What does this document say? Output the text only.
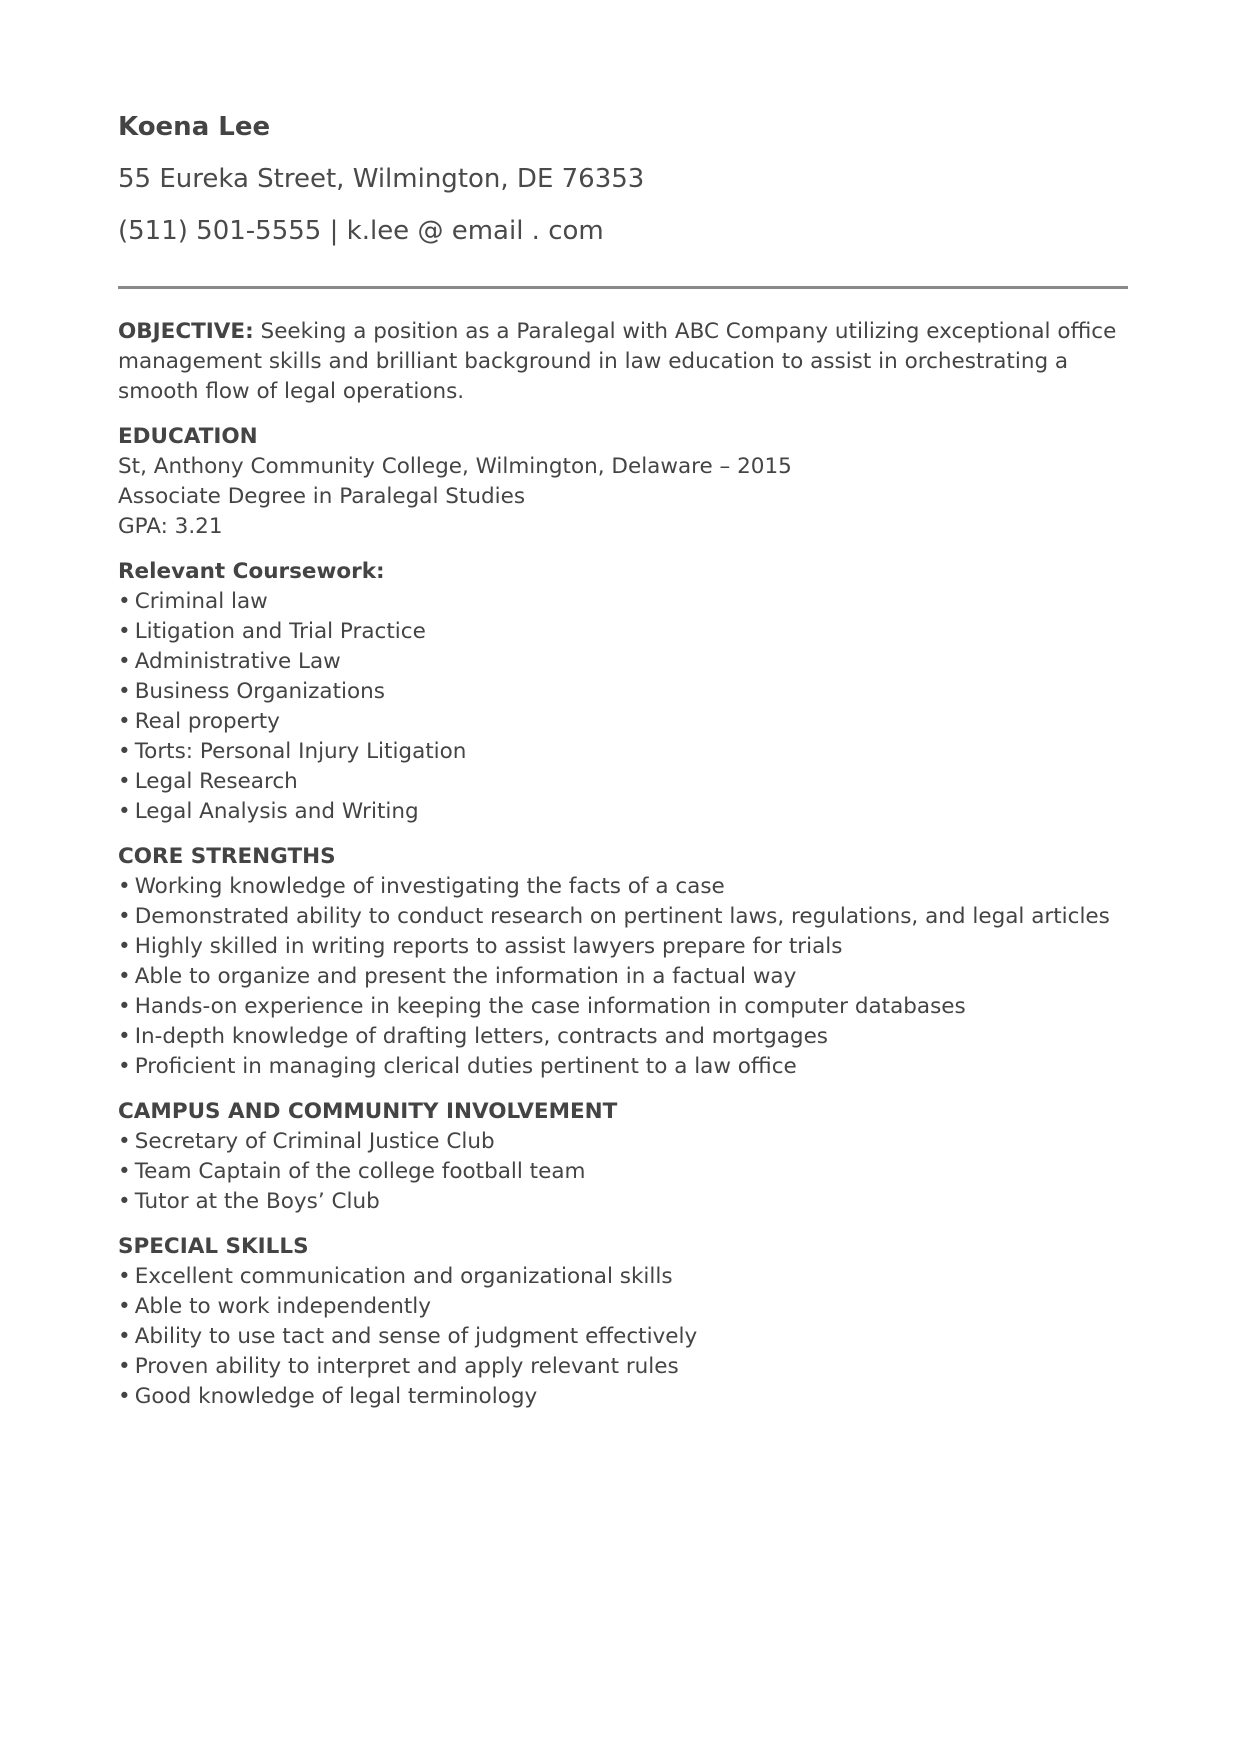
Koena Lee

55 Eureka Street, Wilmington, DE 76353

(511) 501-5555 | k.lee @ email . com

OBJECTIVE: Seeking a position as a Paralegal with ABC Company utilizing exceptional office management skills and brilliant background in law education to assist in orchestrating a smooth flow of legal operations.

EDUCATION

St, Anthony Community College, Wilmington, Delaware – 2015

Associate Degree in Paralegal Studies

GPA: 3.21

Relevant Coursework:

• Criminal law
• Litigation and Trial Practice
• Administrative Law
• Business Organizations
• Real property
• Torts: Personal Injury Litigation
• Legal Research
• Legal Analysis and Writing

CORE STRENGTHS

• Working knowledge of investigating the facts of a case
• Demonstrated ability to conduct research on pertinent laws, regulations, and legal articles
• Highly skilled in writing reports to assist lawyers prepare for trials
• Able to organize and present the information in a factual way
• Hands-on experience in keeping the case information in computer databases
• In-depth knowledge of drafting letters, contracts and mortgages
• Proficient in managing clerical duties pertinent to a law office

CAMPUS AND COMMUNITY INVOLVEMENT

• Secretary of Criminal Justice Club
• Team Captain of the college football team
• Tutor at the Boys’ Club

SPECIAL SKILLS

• Excellent communication and organizational skills
• Able to work independently
• Ability to use tact and sense of judgment effectively
• Proven ability to interpret and apply relevant rules
• Good knowledge of legal terminology
